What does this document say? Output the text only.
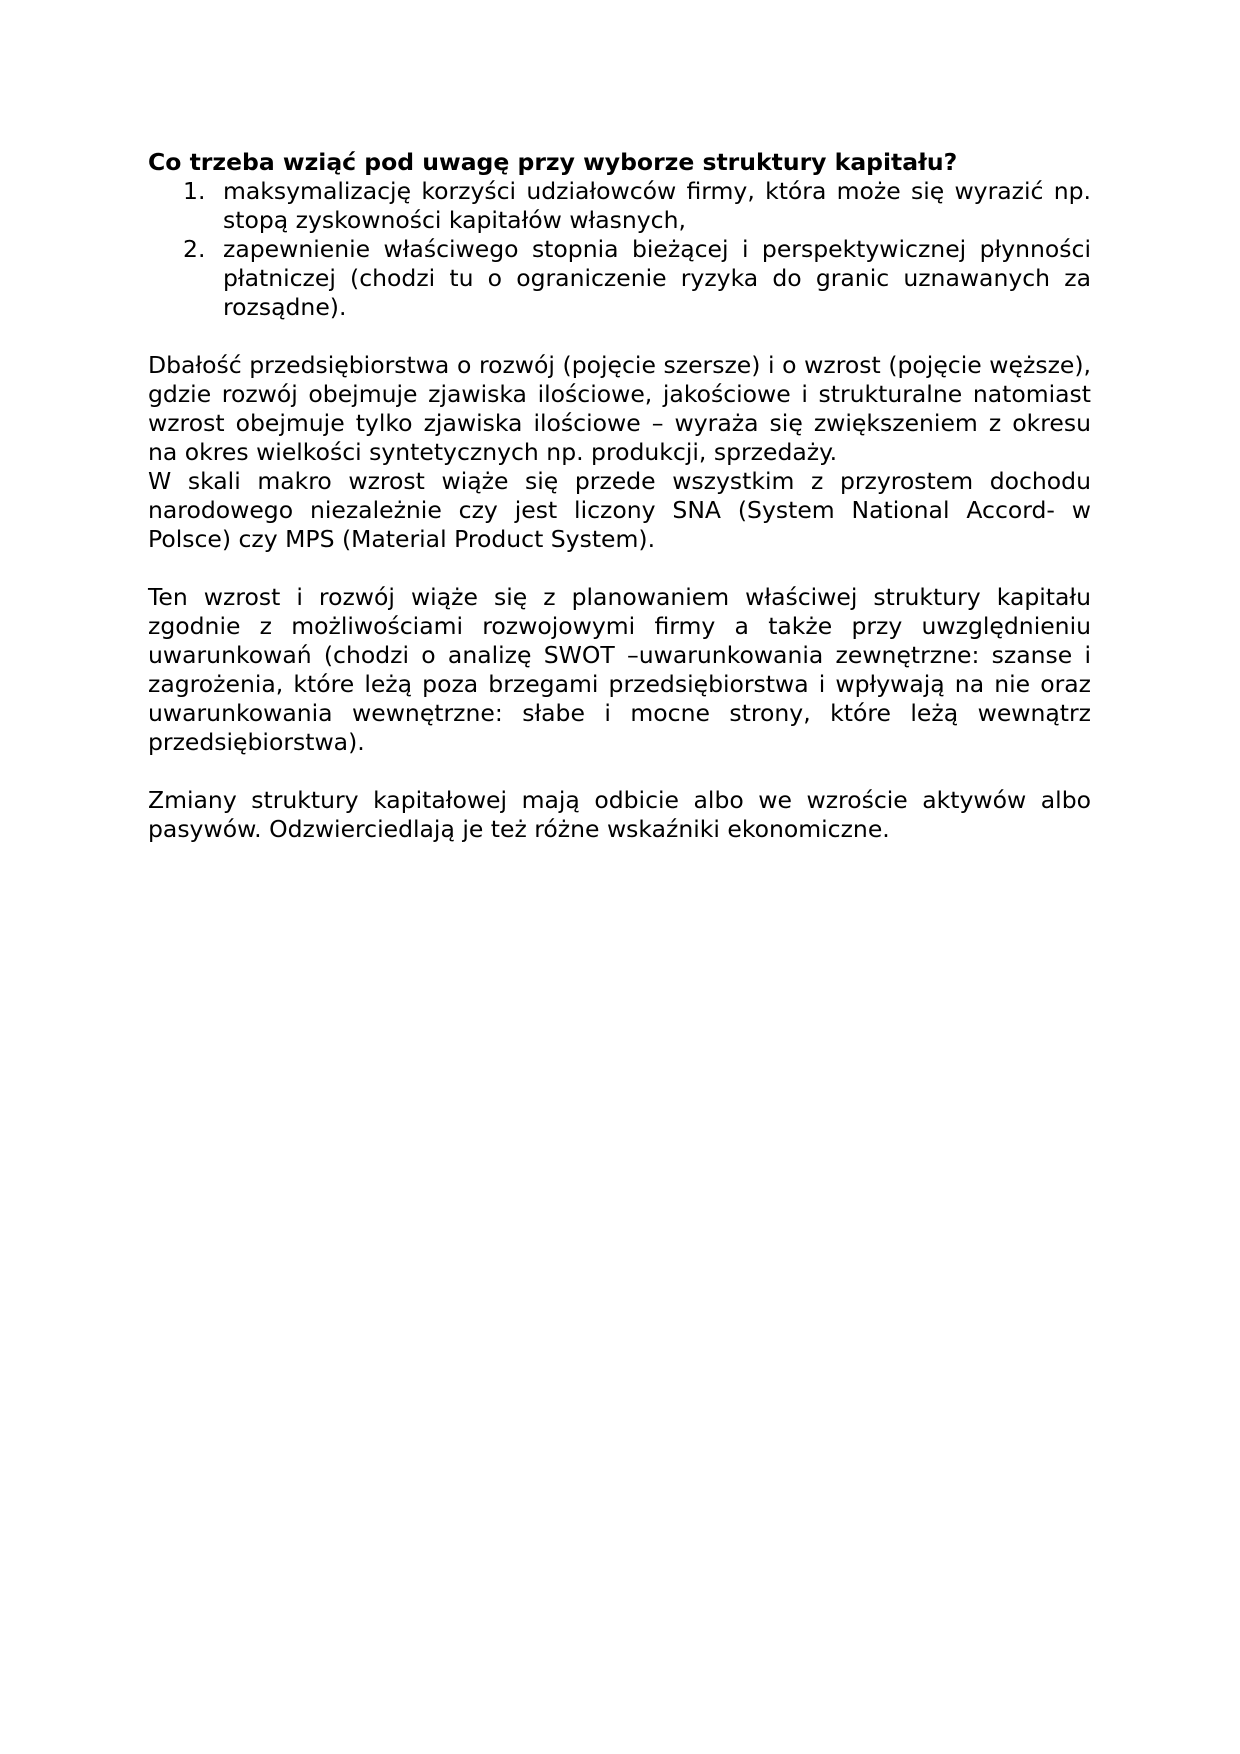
Co trzeba wziąć pod uwagę przy wyborze struktury kapitału?

1. maksymalizację korzyści udziałowców firmy, która może się wyrazić np. stopą zyskowności kapitałów własnych,
2. zapewnienie właściwego stopnia bieżącej i perspektywicznej płynności płatniczej (chodzi tu o ograniczenie ryzyka do granic uznawanych za rozsądne).

Dbałość przedsiębiorstwa o rozwój (pojęcie szersze) i o wzrost (pojęcie węższe), gdzie rozwój obejmuje zjawiska ilościowe, jakościowe i strukturalne natomiast wzrost obejmuje tylko zjawiska ilościowe – wyraża się zwiększeniem z okresu na okres wielkości syntetycznych np. produkcji, sprzedaży.

W skali makro wzrost wiąże się przede wszystkim z przyrostem dochodu narodowego niezależnie czy jest liczony SNA (System National Accord- w Polsce) czy MPS (Material Product System).

Ten wzrost i rozwój wiąże się z planowaniem właściwej struktury kapitału zgodnie z możliwościami rozwojowymi firmy a także przy uwzględnieniu uwarunkowań (chodzi o analizę SWOT –uwarunkowania zewnętrzne: szanse i zagrożenia, które leżą poza brzegami przedsiębiorstwa i wpływają na nie oraz uwarunkowania wewnętrzne: słabe i mocne strony, które leżą wewnątrz przedsiębiorstwa).

Zmiany struktury kapitałowej mają odbicie albo we wzroście aktywów albo pasywów. Odzwierciedlają je też różne wskaźniki ekonomiczne.
